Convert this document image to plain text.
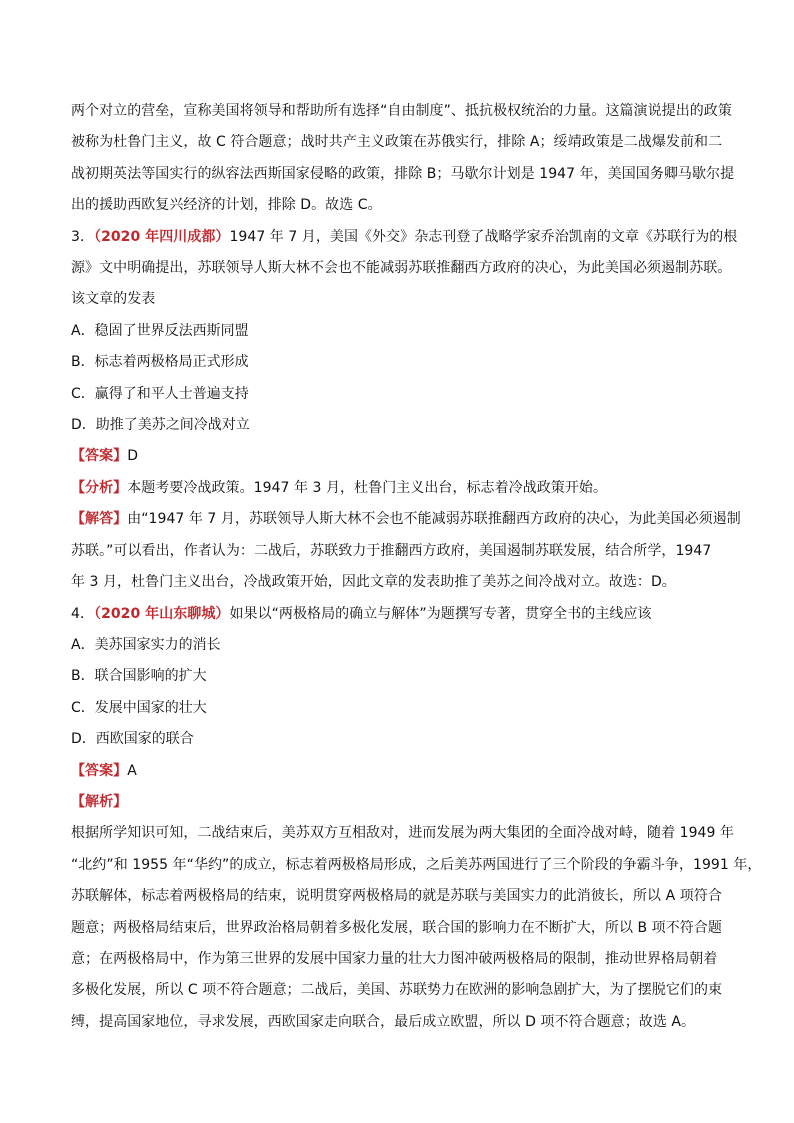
两个对立的营垒，宣称美国将领导和帮助所有选择“自由制度”、抵抗极权统治的力量。这篇演说提出的政策
被称为杜鲁门主义，故 C 符合题意；战时共产主义政策在苏俄实行，排除 A；绥靖政策是二战爆发前和二
战初期英法等国实行的纵容法西斯国家侵略的政策，排除 B；马歇尔计划是 1947 年，美国国务卿马歇尔提
出的援助西欧复兴经济的计划，排除 D。故选 C。
3．（2020 年四川成都）1947 年 7 月，美国《外交》杂志刊登了战略学家乔治凯南的文章《苏联行为的根
源》文中明确提出，苏联领导人斯大林不会也不能减弱苏联推翻西方政府的决心，为此美国必须遏制苏联。
该文章的发表
A．稳固了世界反法西斯同盟
B．标志着两极格局正式形成
C．赢得了和平人士普遍支持
D．助推了美苏之间冷战对立
【答案】D
【分析】本题考要冷战政策。1947 年 3 月，杜鲁门主义出台，标志着冷战政策开始。
【解答】由“1947 年 7 月，苏联领导人斯大林不会也不能减弱苏联推翻西方政府的决心，为此美国必须遏制
苏联。”可以看出，作者认为：二战后，苏联致力于推翻西方政府，美国遏制苏联发展，结合所学，1947
年 3 月，杜鲁门主义出台，冷战政策开始，因此文章的发表助推了美苏之间冷战对立。故选：D。
4．（2020 年山东聊城）如果以“两极格局的确立与解体”为题撰写专著，贯穿全书的主线应该
A．美苏国家实力的消长
B．联合国影响的扩大
C．发展中国家的壮大
D．西欧国家的联合
【答案】A
【解析】
根据所学知识可知，二战结束后，美苏双方互相敌对，进而发展为两大集团的全面冷战对峙，随着 1949 年
“北约”和 1955 年“华约”的成立，标志着两极格局形成，之后美苏两国进行了三个阶段的争霸斗争，1991 年，
苏联解体，标志着两极格局的结束，说明贯穿两极格局的就是苏联与美国实力的此消彼长，所以 A 项符合
题意；两极格局结束后，世界政治格局朝着多极化发展，联合国的影响力在不断扩大，所以 B 项不符合题
意；在两极格局中，作为第三世界的发展中国家力量的壮大力图冲破两极格局的限制，推动世界格局朝着
多极化发展，所以 C 项不符合题意；二战后，美国、苏联势力在欧洲的影响急剧扩大，为了摆脱它们的束
缚，提高国家地位，寻求发展，西欧国家走向联合，最后成立欧盟，所以 D 项不符合题意；故选 A。
